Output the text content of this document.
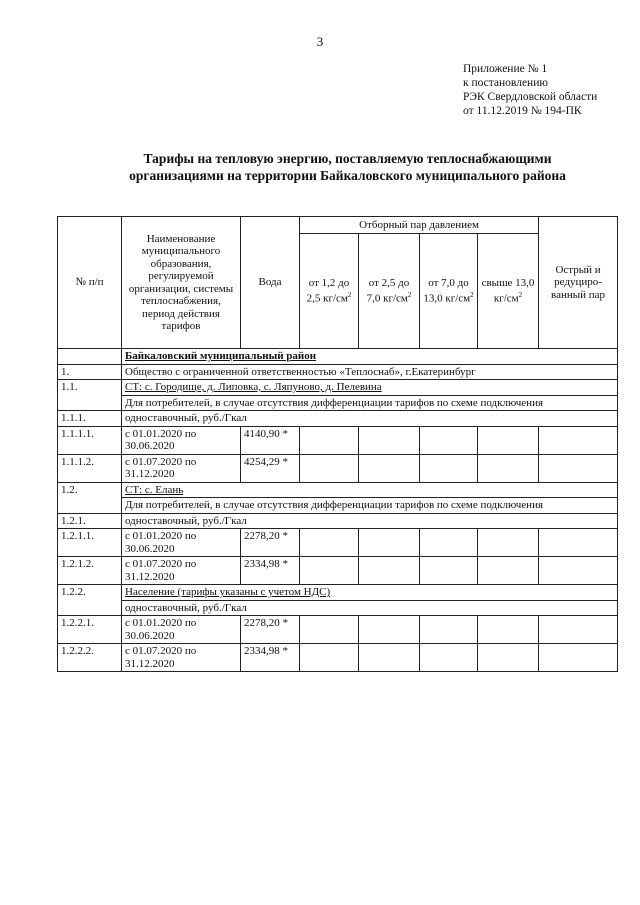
3
Приложение № 1
к постановлению
РЭК Свердловской области
от 11.12.2019 № 194-ПК
Тарифы на тепловую энергию, поставляемую теплоснабжающими
организациями на территории Байкаловского муниципального района
№ п/п	Наименование муниципального образования, регулируемой организации, системы теплоснабжения, период действия тарифов	Вода	Отборный пар давлением				Острый и редуциро-ванный пар
			от 1,2 до 2,5 $кг/см^2$	от 2,5 до 7,0 $кг/см^2$	от 7,0 до 13,0 $кг/см^2$	свыше 13,0 $кг/см^2$
	Байкаловский муниципальный район						
1.	Общество с ограниченной ответственностью «Теплоснаб», г.Екатеринбург						
1.1.	СТ: с. Городище, д. Липовка, с. Ляпуново, д. Пелевина						
	Для потребителей, в случае отсутствия дифференциации тарифов по схеме подключения						
1.1.1.	одноставочный, руб./Гкал						
1.1.1.1.	с 01.01.2020 по 30.06.2020	4140,90 *					
1.1.1.2.	с 01.07.2020 по 31.12.2020	4254,29 *					
1.2.	СТ: с. Елань						
	Для потребителей, в случае отсутствия дифференциации тарифов по схеме подключения						
1.2.1.	одноставочный, руб./Гкал						
1.2.1.1.	с 01.01.2020 по 30.06.2020	2278,20 *					
1.2.1.2.	с 01.07.2020 по 31.12.2020	2334,98 *					
1.2.2.	Население (тарифы указаны с учетом НДС)						
	одноставочный, руб./Гкал						
1.2.2.1.	с 01.01.2020 по 30.06.2020	2278,20 *					
1.2.2.2.	с 01.07.2020 по 31.12.2020	2334,98 *					
